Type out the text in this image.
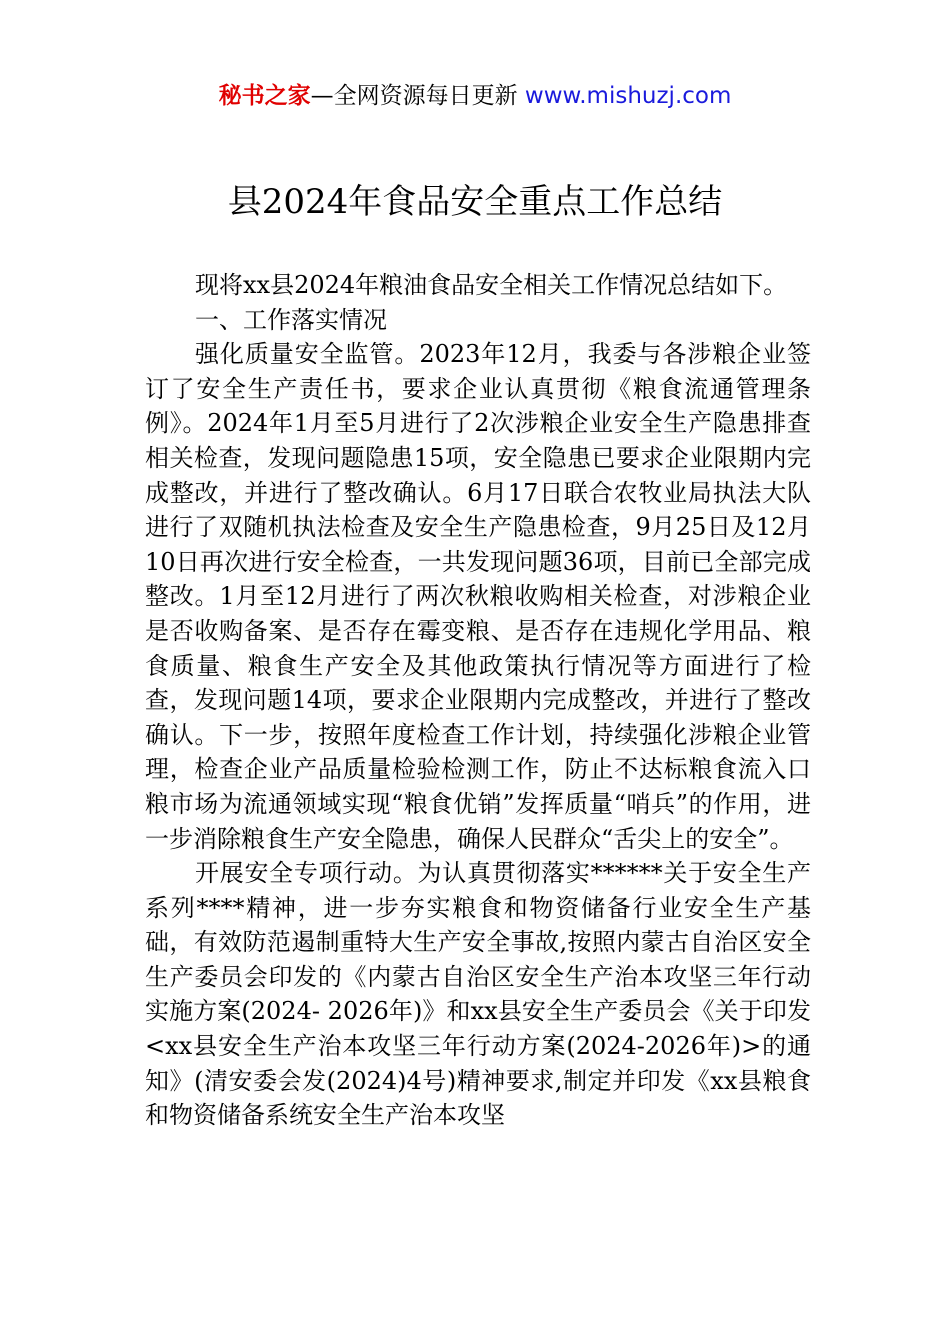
秘书之家—全网资源每日更新 www.mishuzj.com
县2024年食品安全重点工作总结

现将xx县2024年粮油食品安全相关工作情况总结如下。

一、工作落实情况

强化质量安全监管。2023年12月，我委与各涉粮企业签订了安全生产责任书，要求企业认真贯彻《粮食流通管理条例》。2024年1月至5月进行了2次涉粮企业安全生产隐患排查相关检查，发现问题隐患15项，安全隐患已要求企业限期内完成整改，并进行了整改确认。6月17日联合农牧业局执法大队进行了双随机执法检查及安全生产隐患检查，9月25日及12月10日再次进行安全检查，一共发现问题36项，目前已全部完成整改。1月至12月进行了两次秋粮收购相关检查，对涉粮企业是否收购备案、是否存在霉变粮、是否存在违规化学用品、粮食质量、粮食生产安全及其他政策执行情况等方面进行了检查，发现问题14项，要求企业限期内完成整改，并进行了整改确认。下一步，按照年度检查工作计划，持续强化涉粮企业管理，检查企业产品质量检验检测工作，防止不达标粮食流入口粮市场为流通领域实现“粮食优销”发挥质量“哨兵”的作用，进一步消除粮食生产安全隐患，确保人民群众“舌尖上的安全”。

开展安全专项行动。为认真贯彻落实******关于安全生产系列****精神，进一步夯实粮食和物资储备行业安全生产基础，有效防范遏制重特大生产安全事故,按照内蒙古自治区安全生产委员会印发的《内蒙古自治区安全生产治本攻坚三年行动实施方案(2024- 2026年)》和xx县安全生产委员会《关于印发<xx县安全生产治本攻坚三年行动方案(2024-2026年)>的通知》(清安委会发(2024)4号)精神要求,制定并印发《xx县粮食和物资储备系统安全生产治本攻坚
